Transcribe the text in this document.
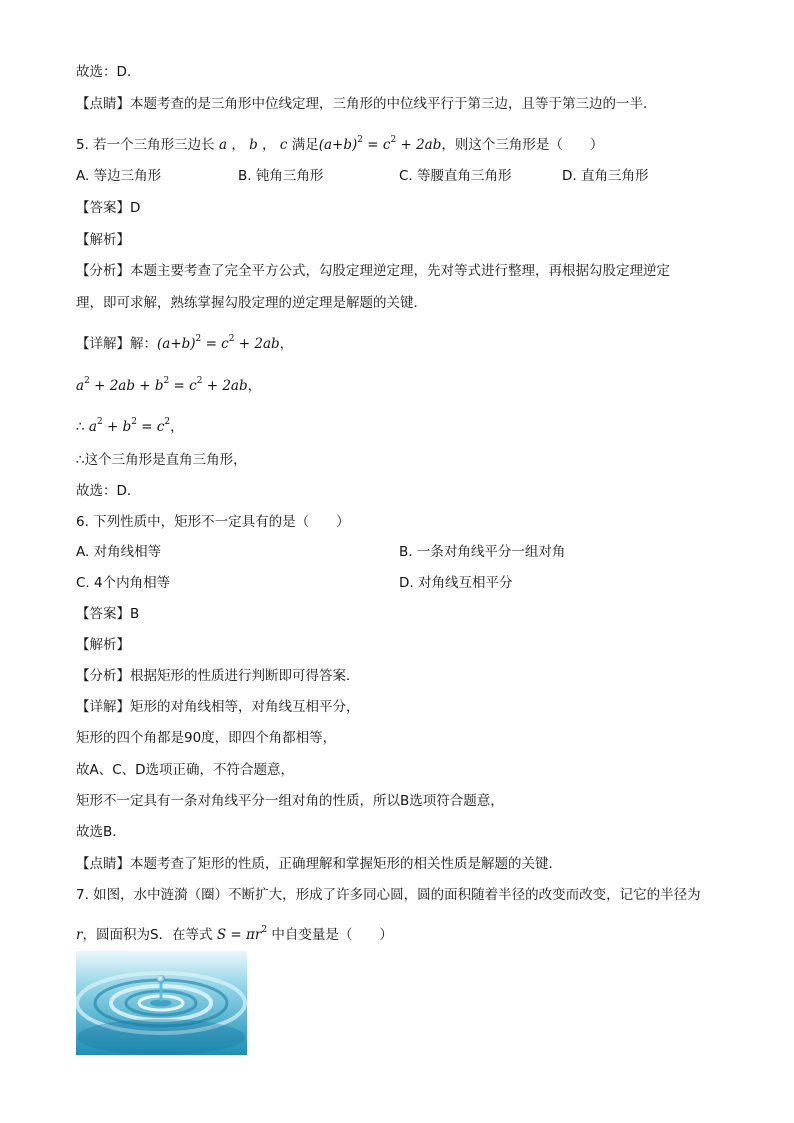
故选：D.
【点睛】本题考查的是三角形中位线定理，三角形的中位线平行于第三边，且等于第三边的一半．
5. 若一个三角形三边长 a ， b ， c 满足$(a+b)^2 = c^2 + 2ab$，则这个三角形是（　　）
A. 等边三角形	B. 钝角三角形	C. 等腰直角三角形	D. 直角三角形
【答案】D
【解析】
【分析】本题主要考查了完全平方公式，勾股定理逆定理，先对等式进行整理，再根据勾股定理逆定
理，即可求解，熟练掌握勾股定理的逆定理是解题的关键．
【详解】解：$(a+b)^2 = c^2 + 2ab$，
$a^2 + 2ab + b^2 = c^2 + 2ab$，
∴ $a^2 + b^2 = c^2$，
∴这个三角形是直角三角形，
故选：D．
6. 下列性质中，矩形不一定具有的是（　　）
A. 对角线相等	B. 一条对角线平分一组对角
C. 4个内角相等	D. 对角线互相平分
【答案】B
【解析】
【分析】根据矩形的性质进行判断即可得答案．
【详解】矩形的对角线相等，对角线互相平分，
矩形的四个角都是90度，即四个角都相等，
故A、C、D选项正确，不符合题意，
矩形不一定具有一条对角线平分一组对角的性质，所以B选项符合题意，
故选B．
【点睛】本题考查了矩形的性质，正确理解和掌握矩形的相关性质是解题的关键．
7. 如图，水中涟漪（圈）不断扩大，形成了许多同心圆，圆的面积随着半径的改变而改变，记它的半径为
r，圆面积为S．在等式 $S = \pi r^2$ 中自变量是（　　）
